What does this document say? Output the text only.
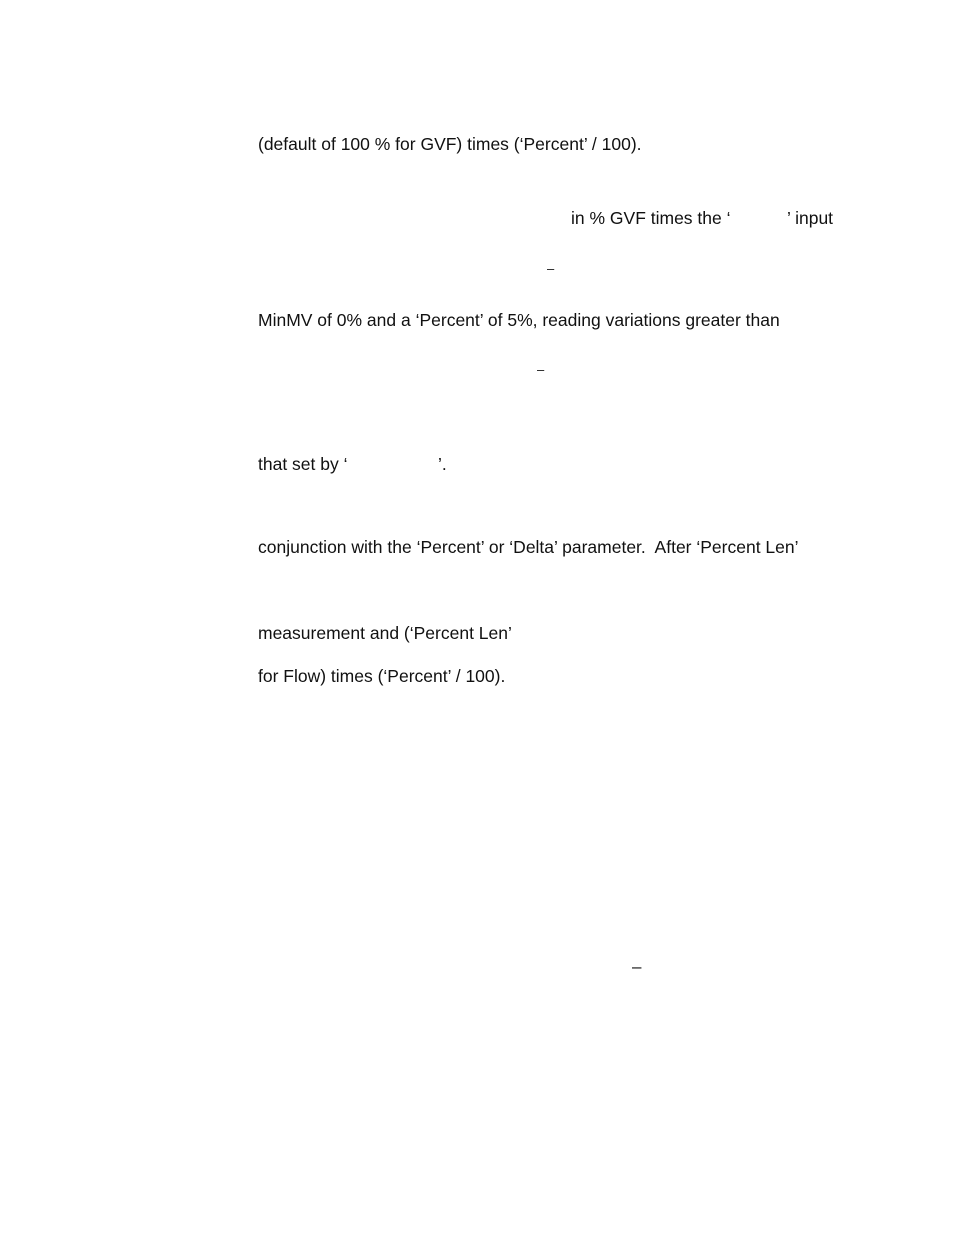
(default of 100 % for GVF) times (‘Percent’ / 100).
in % GVF times the ‘	’ input
–
MinMV of 0% and a ‘Percent’ of 5%, reading variations greater than
–
that set by ‘	’.
conjunction with the ‘Percent’ or ‘Delta’ parameter.  After ‘Percent Len’
measurement and (‘Percent Len’
for Flow) times (‘Percent’ / 100).
–
